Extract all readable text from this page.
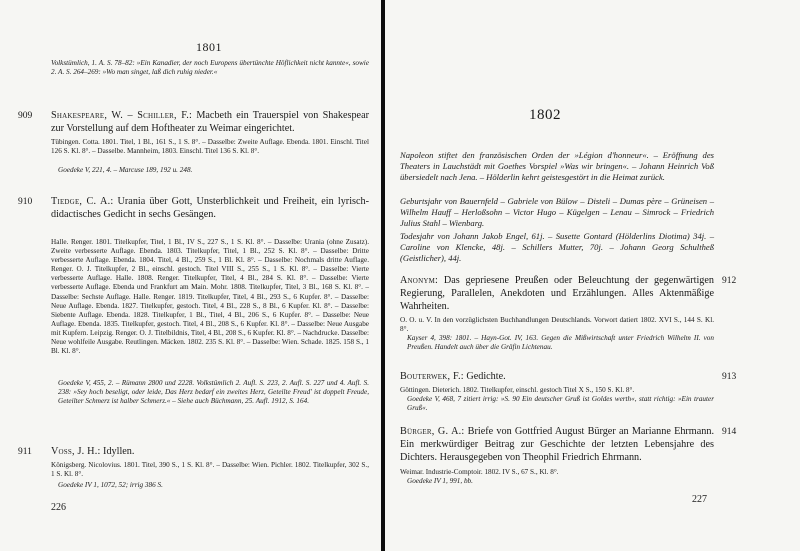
1801
Volkstümlich, 1. A. S. 78–82: »Ein Kanadier, der noch Europens übertünchte Höflichkeit nicht kannte«, sowie 2. A. S. 264–269: »Wo man singet, laß dich ruhig nieder.«
909 Shakespeare, W. – Schiller, F.: Macbeth ein Trauerspiel von Shakespear zur Vorstellung auf dem Hoftheater zu Weimar eingerichtet.
Tübingen. Cotta. 1801. Titel, 1 Bl., 161 S., 1 S. 8°. – Dasselbe: Zweite Auflage. Ebenda. 1801. Einschl. Titel 126 S. Kl. 8°. – Dasselbe. Mannheim, 1803. Einschl. Titel 136 S. Kl. 8°.
Goedeke V, 221, 4. – Marcuse 189, 192 u. 248.
910 Tiedge, C. A.: Urania über Gott, Unsterblichkeit und Freiheit, ein lyrisch-didactisches Gedicht in sechs Gesängen.
Halle. Renger. 1801. Titelkupfer, Titel, 1 Bl., IV S., 227 S., 1 S. Kl. 8°. – Dasselbe: Urania (ohne Zusatz). Zweite verbesserte Auflage. Ebenda. 1803. Titelkupfer, Titel, 1 Bl., 252 S. Kl. 8°. – Dasselbe: Dritte verbesserte Auflage. Ebenda. 1804. Titel, 4 Bl., 259 S., 1 Bl. Kl. 8°. – Dasselbe: Nochmals dritte Auflage. Renger. O. J. Titelkupfer, 2 Bl., einschl. gestoch. Titel VIII S., 255 S., 1 S. Kl. 8°. – Dasselbe: Vierte verbesserte Auflage. Halle. 1808. Renger. Titelkupfer, Titel, 4 Bl., 284 S. Kl. 8°. – Dasselbe: Vierte verbesserte Auflage. Ebenda und Frankfurt am Main. Mohr. 1808. Titelkupfer, Titel, 3 Bl., 168 S. Kl. 8°. – Dasselbe: Sechste Auflage. Halle. Renger. 1819. Titelkupfer, Titel, 4 Bl., 293 S., 6 Kupfer. 8°. – Dasselbe: Neue Auflage. Ebenda. 1827. Titelkupfer, gestoch. Titel, 4 Bl., 228 S., 8 Bl., 6 Kupfer. Kl. 8°. – Dasselbe: Siebente Auflage. Ebenda. 1828. Titelkupfer, 1 Bl., Titel, 4 Bl., 206 S., 6 Kupfer. 8°. – Dasselbe: Neue Auflage. Ebenda. 1835. Titelkupfer, gestoch. Titel, 4 Bl., 208 S., 6 Kupfer. Kl. 8°. – Dasselbe: Neue Ausgabe mit Kupfern. Leipzig. Renger. O. J. Titelbildnis, Titel, 4 Bl., 208 S., 6 Kupfer. Kl. 8°. – Nachdrucke. Dasselbe: Neue wohlfeile Ausgabe. Reutlingen. Mäcken. 1802. 235 S. Kl. 8°. – Dasselbe: Wien. Schade. 1825. 158 S., 1 Bl. Kl. 8°.
Goedeke V, 455, 2. – Rümann 2800 und 2228. Volkstümlich 2. Aufl. S. 223, 2. Aufl. S. 227 und 4. Aufl. S. 238: »Sey hoch beseligt, oder leide, Das Herz bedarf ein zweites Herz, Geteilte Freud' ist doppelt Freude, Geteilter Schmerz ist halber Schmerz.« – Siehe auch Büchmann, 25. Aufl. 1912, S. 164.
911 Voss, J. H.: Idyllen.
Königsberg. Nicolovius. 1801. Titel, 390 S., 1 S. Kl. 8°. – Dasselbe: Wien. Pichler. 1802. Titelkupfer, 302 S., 1 S. Kl. 8°.
Goedeke IV 1, 1072, 52; irrig 386 S.
226
1802
Napoleon stiftet den französischen Orden der »Légion d'honneur«. – Eröffnung des Theaters in Lauchstädt mit Goethes Vorspiel »Was wir bringen«. – Johann Heinrich Voß übersiedelt nach Jena. – Hölderlin kehrt geistesgestört in die Heimat zurück.
Geburtsjahr von Bauernfeld – Gabriele von Bülow – Disteli – Dumas père – Grüneisen – Wilhelm Hauff – Herloßsohn – Victor Hugo – Kügelgen – Lenau – Simrock – Friedrich Julius Stahl – Wienbarg.
Todesjahr von Johann Jakob Engel, 61j. – Susette Gontard (Hölderlins Diotima) 34j. – Caroline von Klencke, 48j. – Schillers Mutter, 70j. – Johann Georg Schultheß (Geistlicher), 44j.
Anonym: Das gepriesene Preußen oder Beleuchtung der gegenwärtigen Regierung, Parallelen, Anekdoten und Erzählungen. Alles Aktenmäßige Wahrheiten.
912
O. O. u. V. In den vorzüglichsten Buchhandlungen Deutschlands. Vorwort datiert 1802. XVI S., 144 S. Kl. 8°.
Kayser 4, 398: 1801. – Hayn-Got. IV, 163. Gegen die Mißwirtschaft unter Friedrich Wilhelm II. von Preußen. Handelt auch über die Gräfin Lichtenau.
Bouterwek, F.: Gedichte.	913
Göttingen. Dieterich. 1802. Titelkupfer, einschl. gestoch Titel X S., 150 S. Kl. 8°.
Goedeke V, 468, 7 zitiert irrig: »S. 90 Ein deutscher Gruß ist Goldes werth«, statt richtig: »Ein trauter Gruß«.
Bürger, G. A.: Briefe von Gottfried August Bürger an Marianne Ehrmann. Ein merkwürdiger Beitrag zur Geschichte der letzten Lebensjahre des Dichters. Herausgegeben von Theophil Friedrich Ehrmann.
914
Weimar. Industrie-Comptoir. 1802. IV S., 67 S., Kl. 8°.
Goedeke IV 1, 991, bb.
227
